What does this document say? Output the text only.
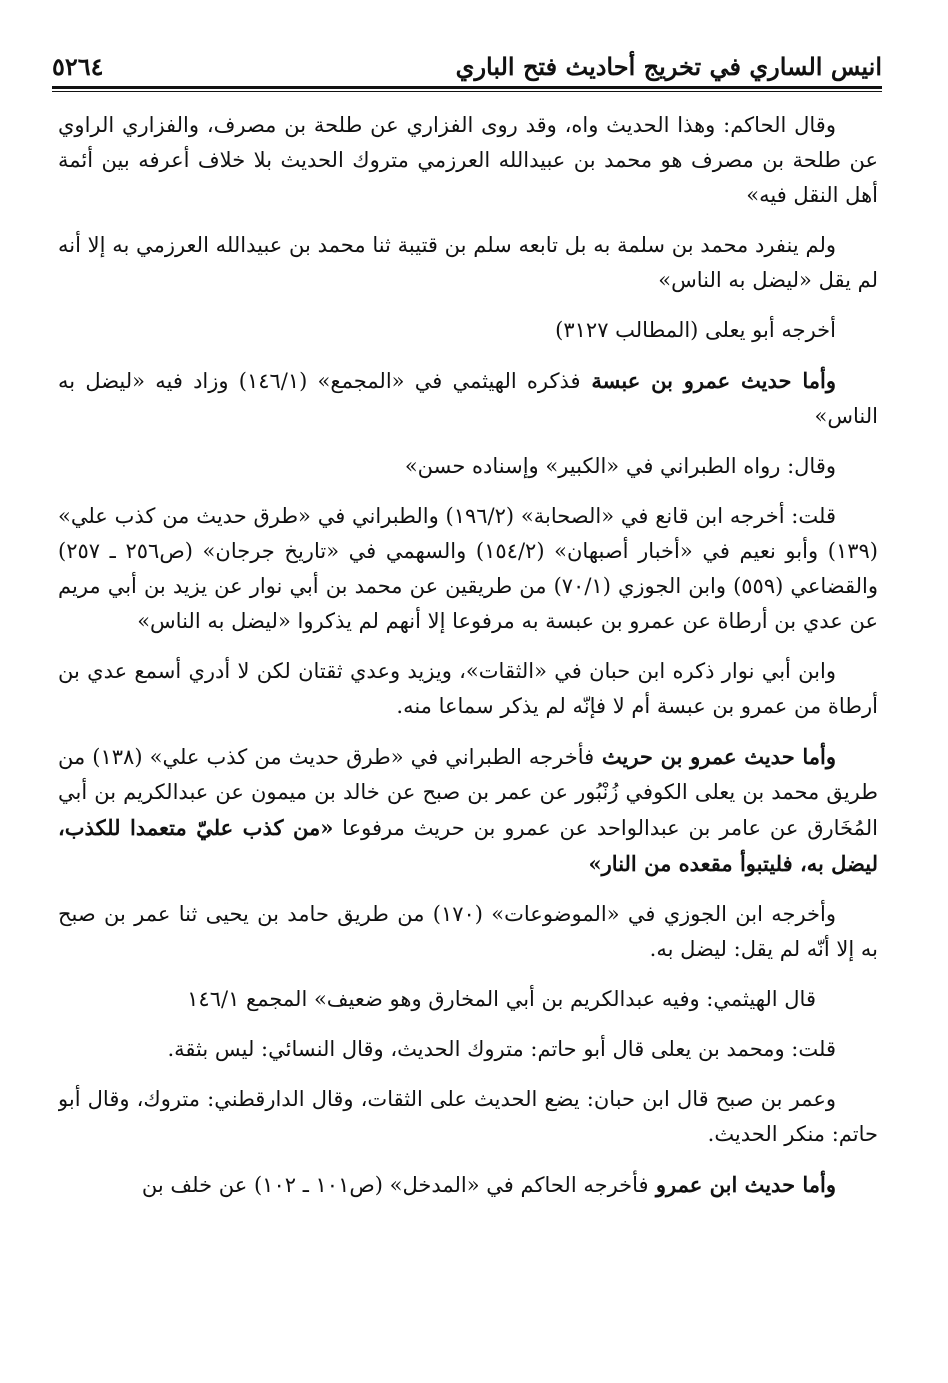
٥٢٦٤	انيس الساري في تخريج أحاديث فتح الباري

وقال الحاكم: وهذا الحديث واه، وقد روى الفزاري عن طلحة بن مصرف، والفزاري الراوي عن طلحة بن مصرف هو محمد بن عبيدالله العرزمي متروك الحديث بلا خلاف أعرفه بين أئمة أهل النقل فيه»

ولم ينفرد محمد بن سلمة به بل تابعه سلم بن قتيبة ثنا محمد بن عبيدالله العرزمي به إلا أنه لم يقل «ليضل به الناس»

أخرجه أبو يعلى (المطالب ٣١٢٧)

وأما حديث عمرو بن عبسة فذكره الهيثمي في «المجمع» (١٤٦/١) وزاد فيه «ليضل به الناس»

وقال: رواه الطبراني في «الكبير» وإسناده حسن»

قلت: أخرجه ابن قانع في «الصحابة» (١٩٦/٢) والطبراني في «طرق حديث من كذب علي» (١٣٩) وأبو نعيم في «أخبار أصبهان» (١٥٤/٢) والسهمي في «تاريخ جرجان» (ص٢٥٦ ـ ٢٥٧) والقضاعي (٥٥٩) وابن الجوزي (٧٠/١) من طريقين عن محمد بن أبي نوار عن يزيد بن أبي مريم عن عدي بن أرطاة عن عمرو بن عبسة به مرفوعا إلا أنهم لم يذكروا «ليضل به الناس»

وابن أبي نوار ذكره ابن حبان في «الثقات»، ويزيد وعدي ثقتان لكن لا أدري أسمع عدي بن أرطاة من عمرو بن عبسة أم لا فإنّه لم يذكر سماعا منه.

وأما حديث عمرو بن حريث فأخرجه الطبراني في «طرق حديث من كذب علي» (١٣٨) من طريق محمد بن يعلى الكوفي زُنْبُور عن عمر بن صبح عن خالد بن ميمون عن عبدالكريم بن أبي المُخَارق عن عامر بن عبدالواحد عن عمرو بن حريث مرفوعا «من كذب عليّ متعمدا للكذب، ليضل به، فليتبوأ مقعده من النار»

وأخرجه ابن الجوزي في «الموضوعات» (١٧٠) من طريق حامد بن يحيى ثنا عمر بن صبح به إلا أنّه لم يقل: ليضل به.

قال الهيثمي: وفيه عبدالكريم بن أبي المخارق وهو ضعيف» المجمع ١٤٦/١

قلت: ومحمد بن يعلى قال أبو حاتم: متروك الحديث، وقال النسائي: ليس بثقة.

وعمر بن صبح قال ابن حبان: يضع الحديث على الثقات، وقال الدارقطني: متروك، وقال أبو حاتم: منكر الحديث.

وأما حديث ابن عمرو فأخرجه الحاكم في «المدخل» (ص١٠١ ـ ١٠٢) عن خلف بن
